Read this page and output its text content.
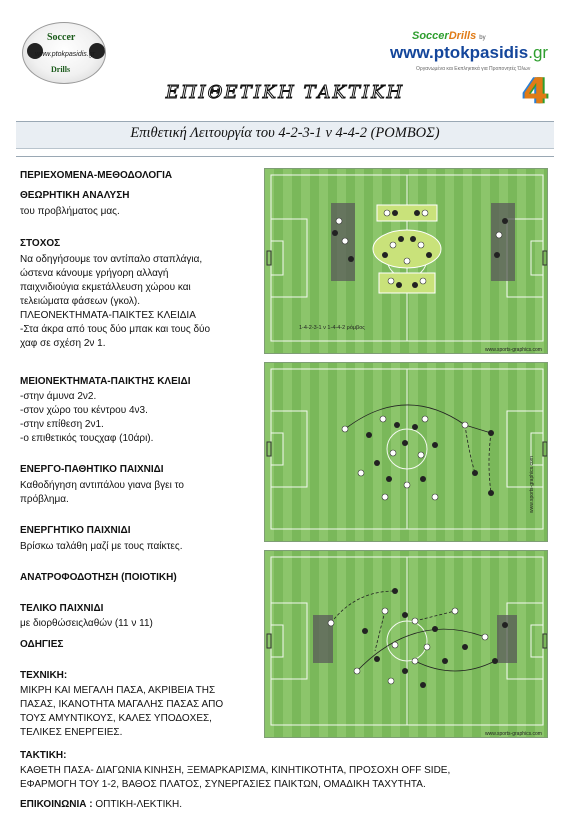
Soccer
www.ptokpasidis.gr
Drills
SoccerDrills by
www.ptokpasidis.gr
Οργανωμένα και Εκπληκτικά για Προπονητές Όλων
4
ΕΠΙΘΕΤΙΚΗ ΤΑΚΤΙΚΗ
Επιθετική Λειτουργία του 4-2-3-1 ν 4-4-2 (ΡΟΜΒΟΣ)
ΠΕΡΙΕΧΟΜΕΝΑ-ΜΕΘΟΔΟΛΟΓΙΑ
ΘΕΩΡΗΤΙΚΗ ΑΝΑΛΥΣΗ
του προβλήματος μας.
ΣΤΟΧΟΣ
Να οδηγήσουμε τον αντίπαλο σταπλάγια,
ώστενα κάνουμε γρήγορη αλλαγή
παιχνιδιούγια εκμετάλλευση χώρου και
τελειώματα φάσεων (γκολ).
ΠΛΕΟΝΕΚΤΗΜΑΤΑ-ΠΑΙΚΤΕΣ ΚΛΕΙΔΙΑ
-Στα άκρα από τους δύο μπακ και τους δύο
χαφ σε σχέση 2ν 1.
ΜΕΙΟΝΕΚΤΗΜΑΤΑ-ΠΑΙΚΤΗΣ ΚΛΕΙΔΙ
-στην άμυνα 2ν2.
-στον χώρο του κέντρου 4ν3.
-στην επίθεση 2ν1.
-ο επιθετικός τουςχαφ (10άρι).
ΕΝΕΡΓΟ-ΠΑΘΗΤΙΚΟ ΠΑΙΧΝΙΔΙ
Καθοδήγηση αντιπάλου γιανα βγει το
πρόβλημα.
ΕΝΕΡΓΗΤΙΚΟ ΠΑΙΧΝΙΔΙ
Βρίσκω ταλάθη μαζί με τους παίκτες.
ΑΝΑΤΡΟΦΟΔΟΤΗΣΗ (ΠΟΙΟΤΙΚΗ)
ΤΕΛΙΚΟ ΠΑΙΧΝΙΔΙ
με διορθώσειςλαθών (11 ν 11)
ΟΔΗΓΙΕΣ
ΤΕΧΝΙΚΗ:
ΜΙΚΡΗ ΚΑΙ ΜΕΓΑΛΗ ΠΑΣΑ, ΑΚΡΙΒΕΙΑ ΤΗΣ
ΠΑΣΑΣ, ΙΚΑΝΟΤΗΤΑ ΜΑΓΑΛΗΣ ΠΑΣΑΣ ΑΠΟ
ΤΟΥΣ ΑΜΥΝΤΙΚΟΥΣ, ΚΑΛΕΣ ΥΠΟΔΟΧΕΣ,
ΤΕΛΙΚΕΣ ΕΝΕΡΓΕΙΕΣ.
ΤΑΚΤΙΚΗ:
ΚΑΘΕΤΗ ΠΑΣΑ- ΔΙΑΓΩΝΙΑ ΚΙΝΗΣΗ, ΞΕΜΑΡΚΑΡΙΣΜΑ, ΚΙΝΗΤΙΚΟΤΗΤΑ, ΠΡΟΣΟΧΗ OFF SIDE,
ΕΦΑΡΜΟΓΗ ΤΟΥ 1-2, ΒΑΘΟΣ ΠΛΑΤΟΣ, ΣΥΝΕΡΓΑΣΙΕΣ ΠΑΙΚΤΩΝ, ΟΜΑΔΙΚΗ ΤΑΧΥΤΗΤΑ.
ΕΠΙΚΟΙΝΩΝΙΑ : ΟΠΤΙΚΗ-ΛΕΚΤΙΚΗ.
1-4-2-3-1 ν 1-4-4-2 ρόμβος
www.sports-graphics.com
www.sports-graphics.com
www.sports-graphics.com
